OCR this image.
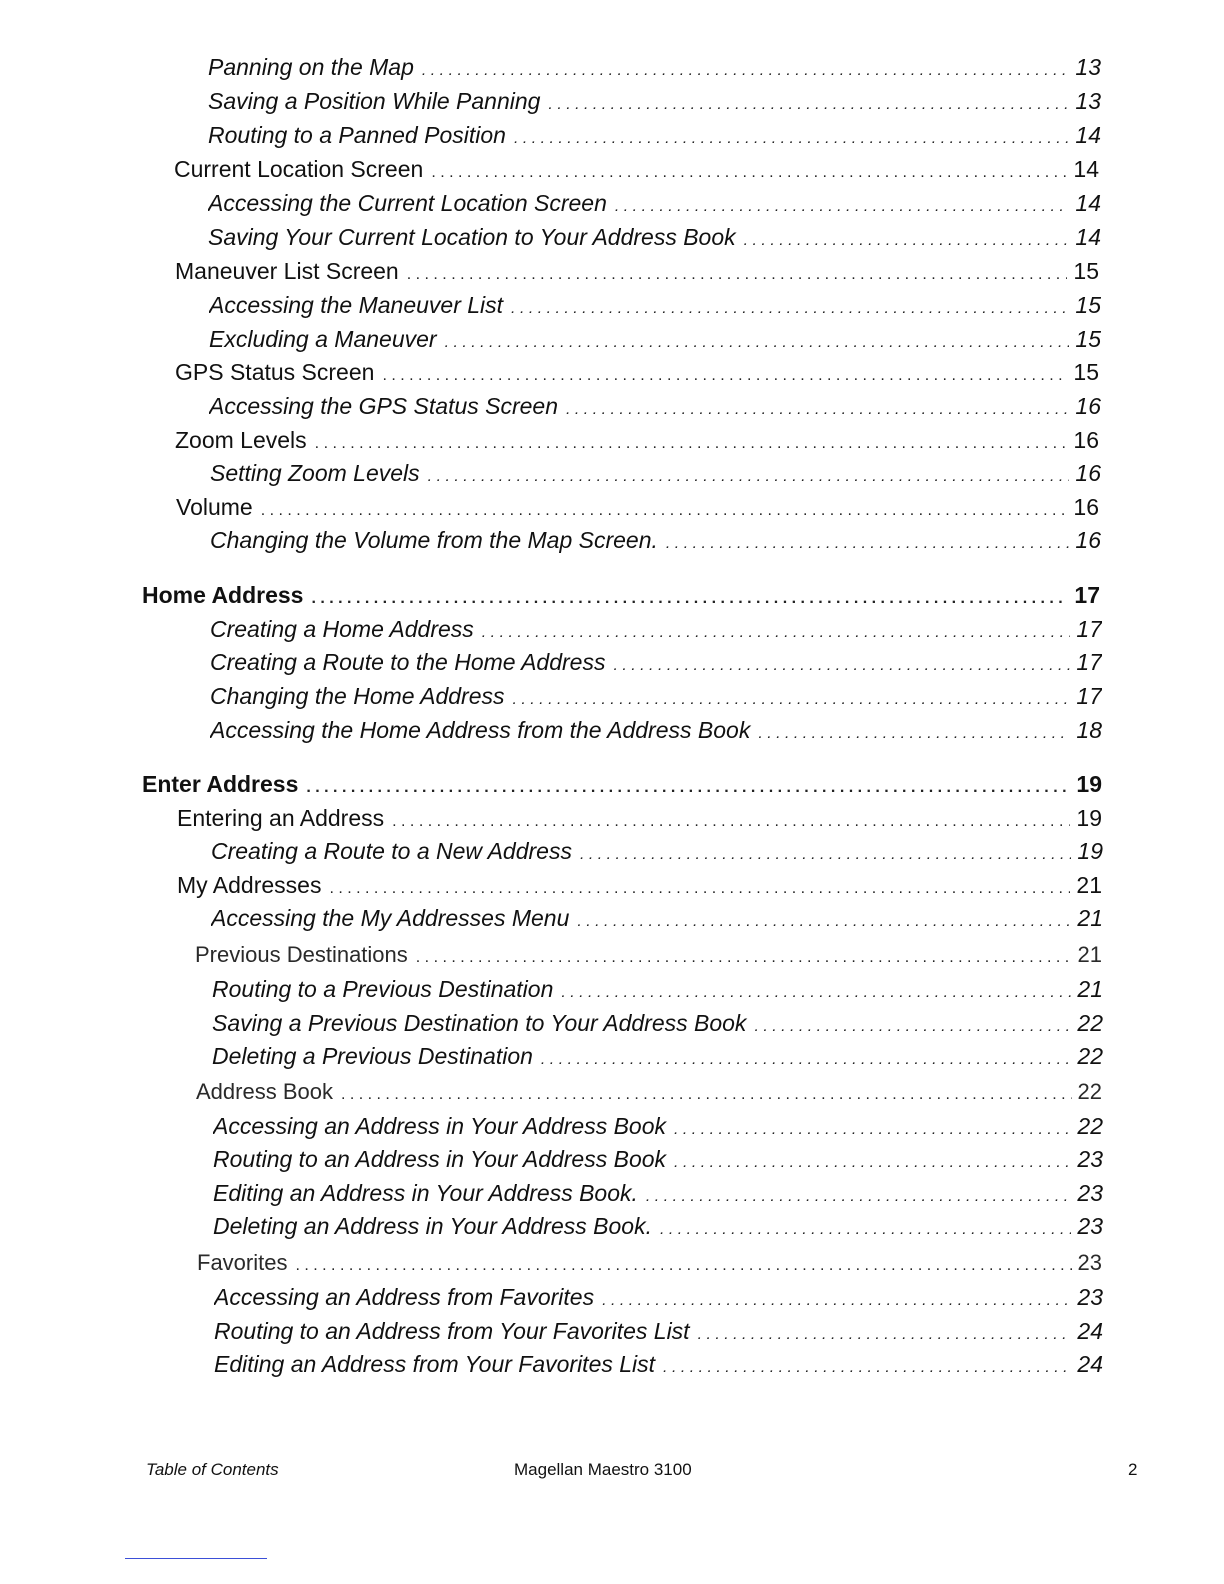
Panning on the Map . . .	13
Saving a Position While Panning . . .	13
Routing to a Panned Position . . .	14
Current Location Screen . . .	14
Accessing the Current Location Screen . . .	14
Saving Your Current Location to Your Address Book . . .	14
Maneuver List Screen . . .	15
Accessing the Maneuver List . . .	15
Excluding a Maneuver . . .	15
GPS Status Screen . . .	15
Accessing the GPS Status Screen . . .	16
Zoom Levels . . .	16
Setting Zoom Levels . . .	16
Volume . . .	16
Changing the Volume from the Map Screen. . . .	16
Home Address . . .	17
Creating a Home Address . . .	17
Creating a Route to the Home Address . . .	17
Changing the Home Address . . .	17
Accessing the Home Address from the Address Book . . .	18
Enter Address . . .	19
Entering an Address . . .	19
Creating a Route to a New Address . . .	19
My Addresses . . .	21
Accessing the My Addresses Menu . . .	21
Previous Destinations . . .	21
Routing to a Previous Destination . . .	21
Saving a Previous Destination to Your Address Book . . .	22
Deleting a Previous Destination . . .	22
Address Book . . .	22
Accessing an Address in Your Address Book . . .	22
Routing to an Address in Your Address Book . . .	23
Editing an Address in Your Address Book. . . .	23
Deleting an Address in Your Address Book. . . .	23
Favorites . . .	23
Accessing an Address from Favorites . . .	23
Routing to an Address from Your Favorites List . . .	24
Editing an Address from Your Favorites List . . .	24
Table of Contents	Magellan Maestro 3100	2
